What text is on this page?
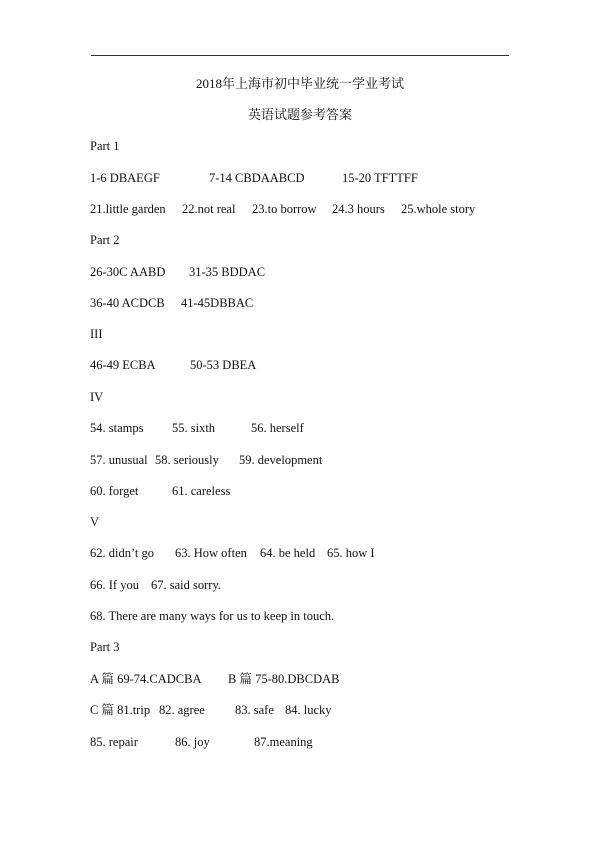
2018年上海市初中毕业统一学业考试
英语试题参考答案
Part 1

1-6 DBAEGF

	7-14 CBDAABCD

	15-20 TFTTFF

21.little garden

22.not real

23.to borrow

24.3 hours

25.whole story

Part 2

26-30C AABD

31-35 BDDAC

36-40 ACDCB

41-45DBBAC

III

46-49 ECBA

	50-53 DBEA

IV

54. stamps

55. sixth

	56. herself

57. unusual

58. seriously

59. development

60. forget

	61. careless

V

62. didn’t go

63. How often

64. be held

65. how I

66. If you

67. said sorry.

68. There are many ways for us to keep in touch.
Part 3

A 篇 69-74.CADCBA

B 篇 75-80.DBCDAB

C 篇 81.trip

82. agree

83. safe

84. lucky

85. repair

	86. joy

	87.meaning
